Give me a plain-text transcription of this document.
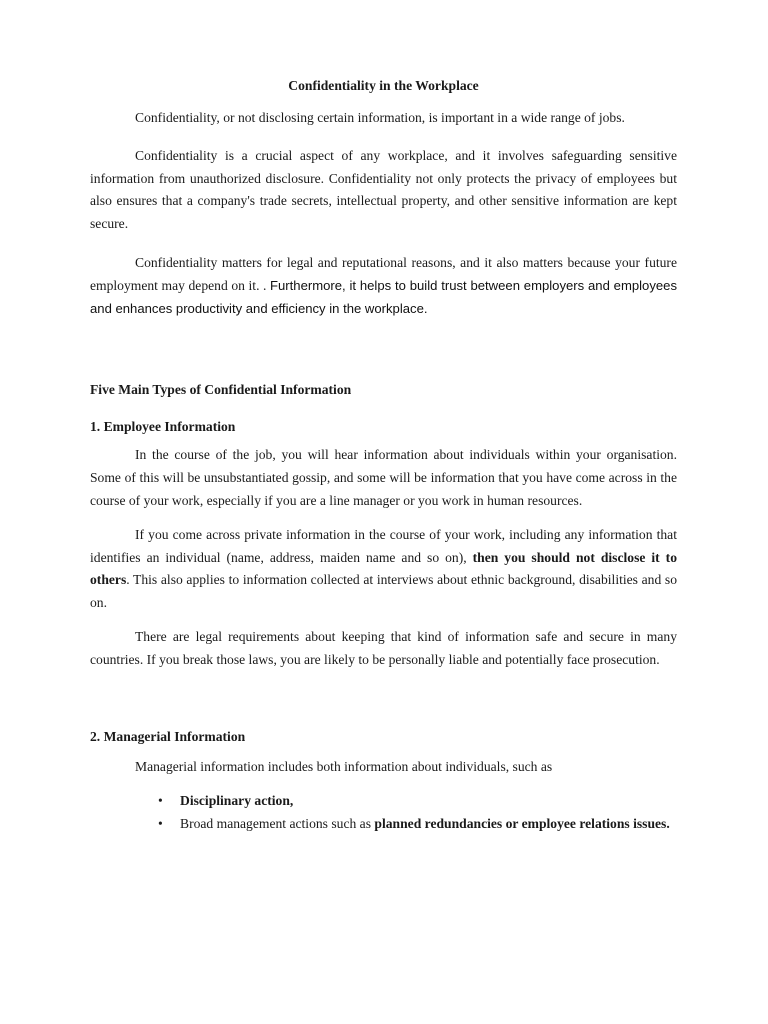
Confidentiality in the Workplace

Confidentiality, or not disclosing certain information, is important in a wide range of jobs.

Confidentiality is a crucial aspect of any workplace, and it involves safeguarding sensitive information from unauthorized disclosure. Confidentiality not only protects the privacy of employees but also ensures that a company's trade secrets, intellectual property, and other sensitive information are kept secure.

Confidentiality matters for legal and reputational reasons, and it also matters because your future employment may depend on it. . Furthermore, it helps to build trust between employers and employees and enhances productivity and efficiency in the workplace.

Five Main Types of Confidential Information
1. Employee Information

In the course of the job, you will hear information about individuals within your organisation. Some of this will be unsubstantiated gossip, and some will be information that you have come across in the course of your work, especially if you are a line manager or you work in human resources.

If you come across private information in the course of your work, including any information that identifies an individual (name, address, maiden name and so on), then you should not disclose it to others. This also applies to information collected at interviews about ethnic background, disabilities and so on.

There are legal requirements about keeping that kind of information safe and secure in many countries. If you break those laws, you are likely to be personally liable and potentially face prosecution.

2. Managerial Information

Managerial information includes both information about individuals, such as

• Disciplinary action,
• Broad management actions such as planned redundancies or employee relations issues.
